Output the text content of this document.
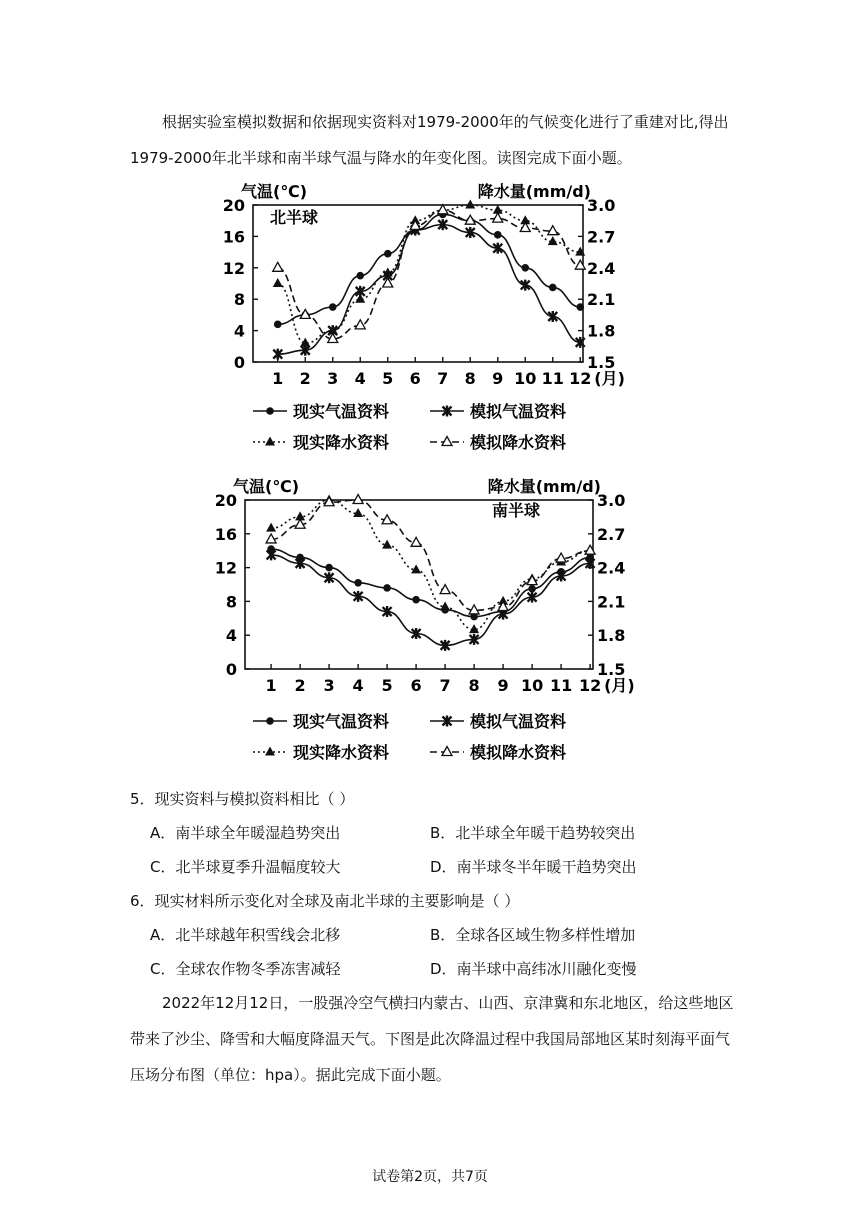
根据实验室模拟数据和依据现实资料对1979-2000年的气候变化进行了重建对比,得出1979-2000年北半球和南半球气温与降水的年变化图。读图完成下面小题。

气温(℃)	降水量(mm/d)
北半球
0
4
8
12
16
20
1.5
1.8
2.1
2.4
2.7
3.0
1 2 3 4 5 6 7 8 9 10 11 12 (月)
现实气温资料	模拟气温资料
现实降水资料	模拟降水资料
气温(℃)	降水量(mm/d)
南半球
0
4
8
12
16
20
1.5
1.8
2.1
2.4
2.7
3.0
1 2 3 4 5 6 7 8 9 10 11 12 (月)
现实气温资料	模拟气温资料
现实降水资料	模拟降水资料

5．现实资料与模拟资料相比（ ）

A．南半球全年暖湿趋势突出	B．北半球全年暖干趋势较突出

C．北半球夏季升温幅度较大	D．南半球冬半年暖干趋势突出

6．现实材料所示变化对全球及南北半球的主要影响是（ ）

A．北半球越年积雪线会北移	B．全球各区域生物多样性增加

C．全球农作物冬季冻害减轻	D．南半球中高纬冰川融化变慢

2022年12月12日，一股强冷空气横扫内蒙古、山西、京津冀和东北地区，给这些地区带来了沙尘、降雪和大幅度降温天气。下图是此次降温过程中我国局部地区某时刻海平面气压场分布图（单位：hpa）。据此完成下面小题。

试卷第2页，共7页
